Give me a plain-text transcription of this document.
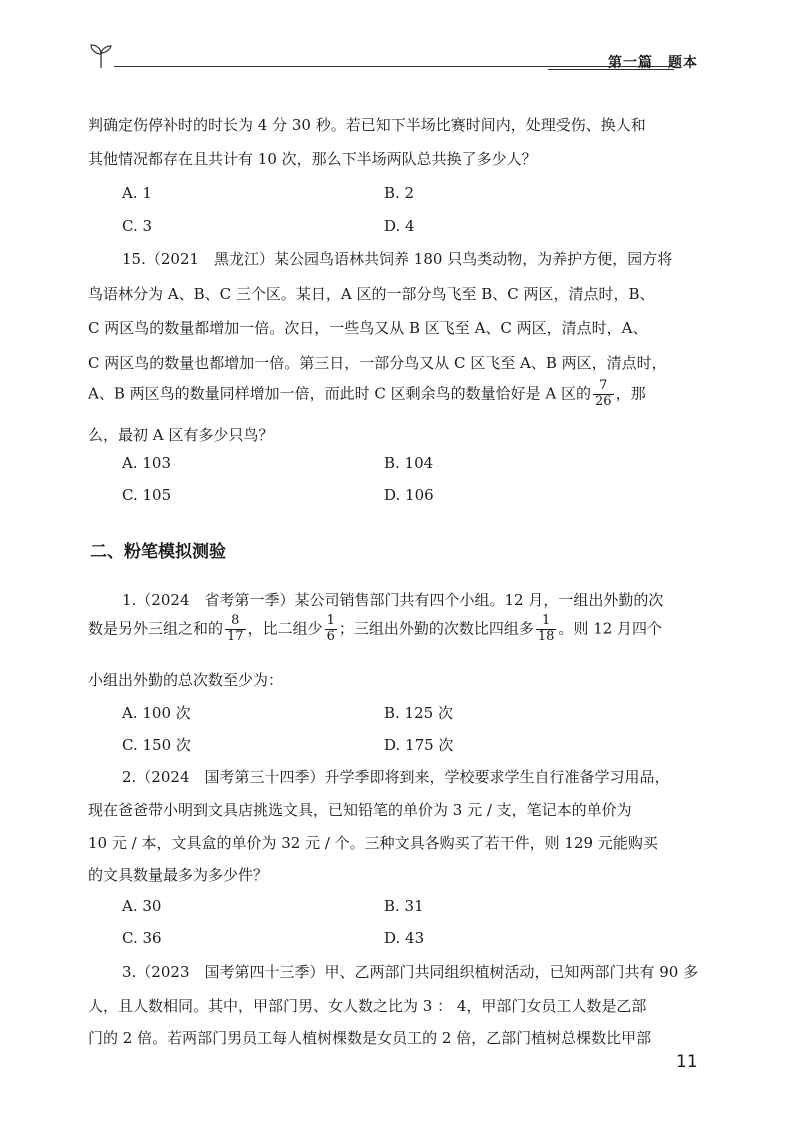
第一篇　题本
判确定伤停补时的时长为 4 分 30 秒。若已知下半场比赛时间内，处理受伤、换人和
其他情况都存在且共计有 10 次，那么下半场两队总共换了多少人？
A. 1	B. 2
C. 3	D. 4
15.（2021　黑龙江）某公园鸟语林共饲养 180 只鸟类动物，为养护方便，园方将
鸟语林分为 A、B、C 三个区。某日，A 区的一部分鸟飞至 B、C 两区，清点时，B、
C 两区鸟的数量都增加一倍。次日，一些鸟又从 B 区飞至 A、C 两区，清点时，A、
C 两区鸟的数量也都增加一倍。第三日，一部分鸟又从 C 区飞至 A、B 两区，清点时，
A、B 两区鸟的数量同样增加一倍，而此时 C 区剩余鸟的数量恰好是 A 区的 $\frac{7}{26}$ ，那
么，最初 A 区有多少只鸟？
A. 103	B. 104
C. 105	D. 106
二、粉笔模拟测验
1.（2024　省考第一季）某公司销售部门共有四个小组。12 月，一组出外勤的次
数是另外三组之和的 $\frac{8}{17}$ ，比二组少 $\frac{1}{6}$ ；三组出外勤的次数比四组多 $\frac{1}{18}$ 。则 12 月四个
小组出外勤的总次数至少为：
A. 100 次	B. 125 次
C. 150 次	D. 175 次
2.（2024　国考第三十四季）升学季即将到来，学校要求学生自行准备学习用品，
现在爸爸带小明到文具店挑选文具，已知铅笔的单价为 3 元 / 支，笔记本的单价为
10 元 / 本，文具盒的单价为 32 元 / 个。三种文具各购买了若干件，则 129 元能购买
的文具数量最多为多少件？
A. 30	B. 31
C. 36	D. 43
3.（2023　国考第四十三季）甲、乙两部门共同组织植树活动，已知两部门共有 90 多
人，且人数相同。其中，甲部门男、女人数之比为 3 ： 4，甲部门女员工人数是乙部
门的 2 倍。若两部门男员工每人植树棵数是女员工的 2 倍，乙部门植树总棵数比甲部
11
